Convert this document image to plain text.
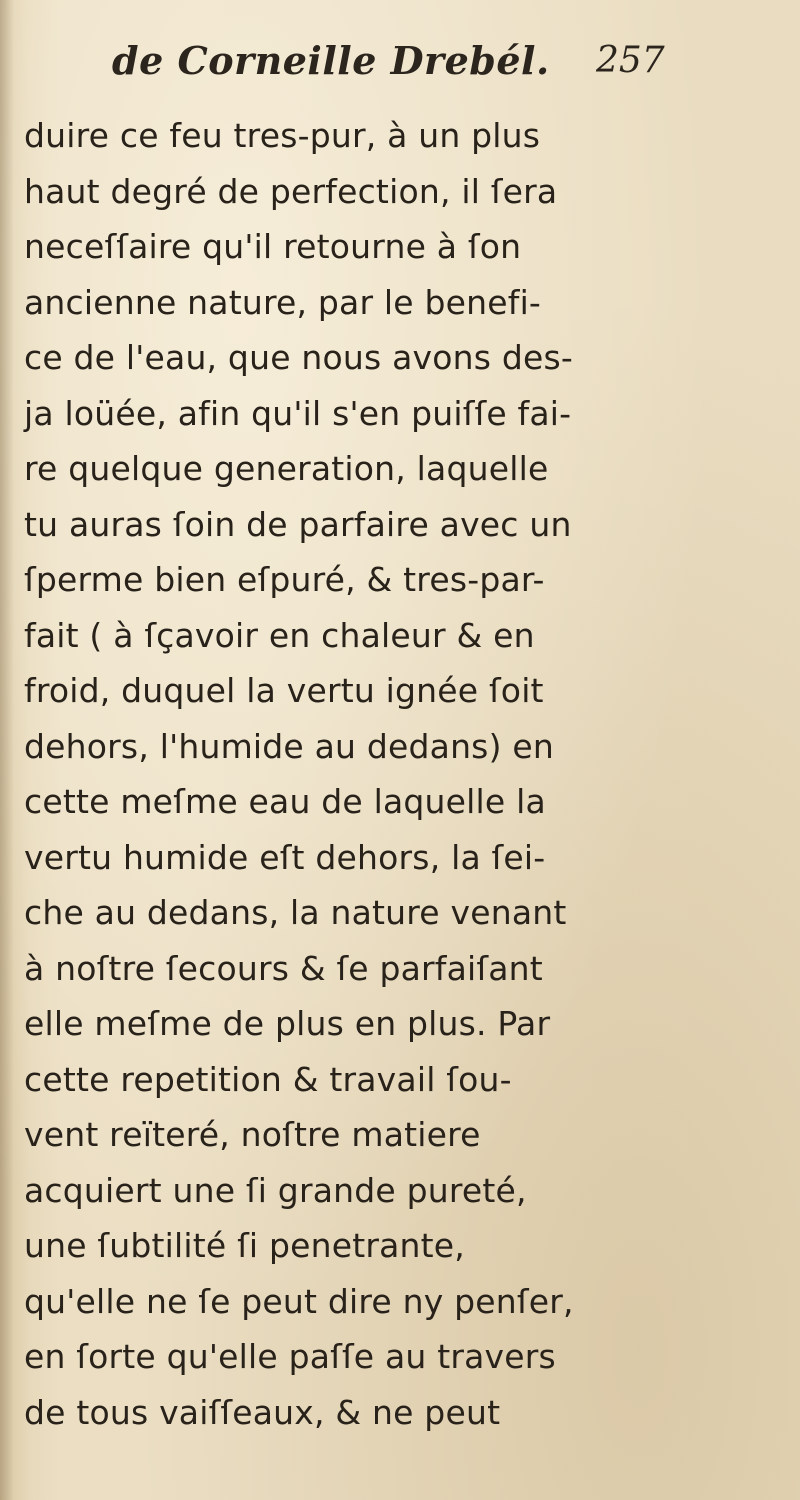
de Corneille Drebél. 257
duire ce feu tres-pur, à un plus
haut degré de perfection, il ſera
neceſſaire qu'il retourne à ſon
ancienne nature, par le benefi-
ce de l'eau, que nous avons des-
ja loüée, afin qu'il s'en puiſſe fai-
re quelque generation, laquelle
tu auras ſoin de parfaire avec un
ſperme bien eſpuré, & tres-par-
fait ( à ſçavoir en chaleur & en
froid, duquel la vertu ignée ſoit
dehors, l'humide au dedans) en
cette meſme eau de laquelle la
vertu humide eſt dehors, la ſei-
che au dedans, la nature venant
à noſtre ſecours & ſe parfaiſant
elle meſme de plus en plus. Par
cette repetition & travail ſou-
vent reïteré, noſtre matiere
acquiert une ſi grande pureté,
une ſubtilité ſi penetrante,
qu'elle ne ſe peut dire ny penſer,
en ſorte qu'elle paſſe au travers
de tous vaiſſeaux, & ne peut
